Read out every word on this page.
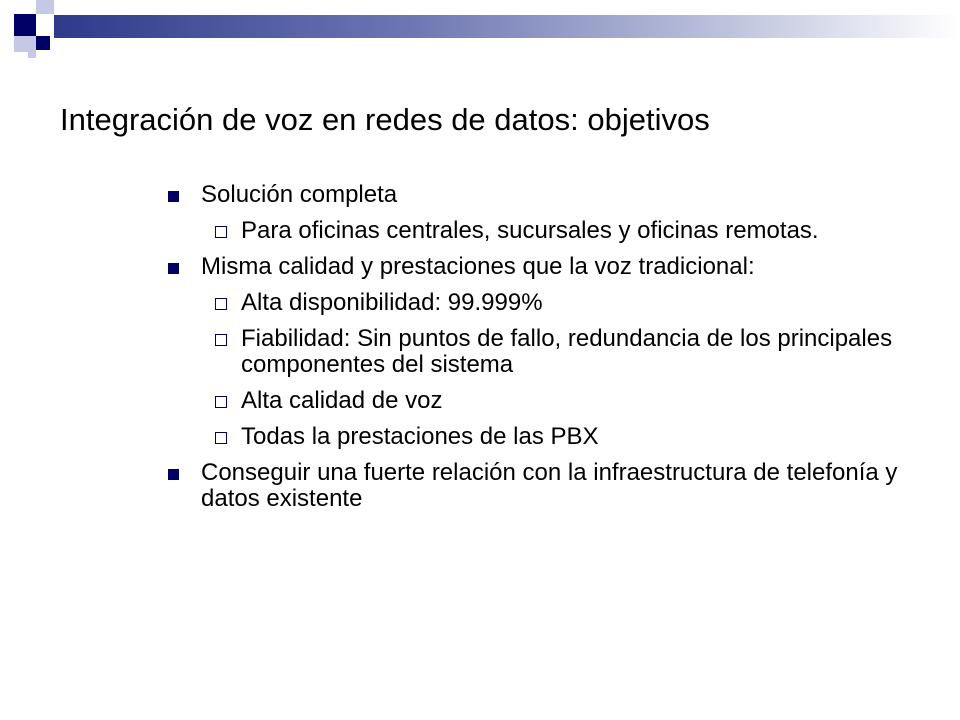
Integración de voz en redes de datos: objetivos
Solución completa
Para oficinas centrales, sucursales y oficinas remotas.
Misma calidad y prestaciones que la voz tradicional:
Alta disponibilidad: 99.999%
Fiabilidad: Sin puntos de fallo, redundancia de los principales componentes del sistema
Alta calidad de voz
Todas la prestaciones de las PBX
Conseguir una fuerte relación con la infraestructura de telefonía y datos existente
